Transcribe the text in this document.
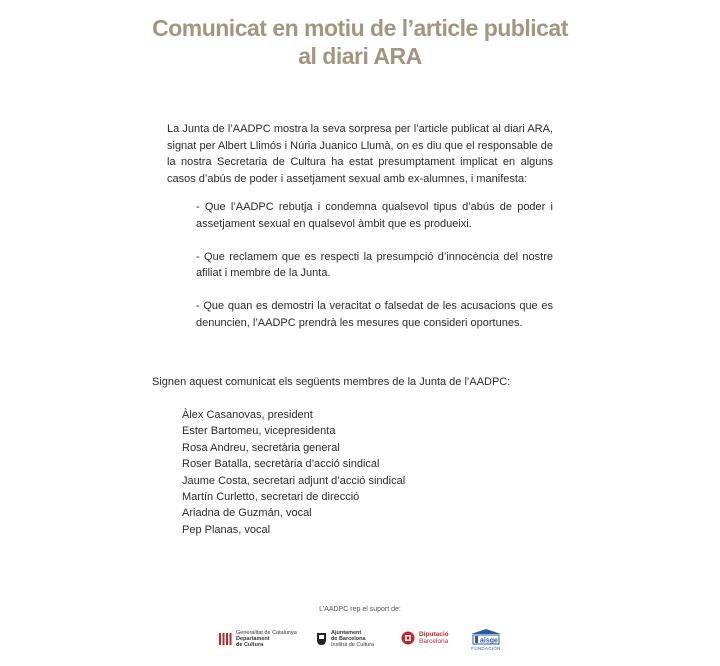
Comunicat en motiu de l’article publicat
al diari ARA
La Junta de l’AADPC mostra la seva sorpresa per l’article publicat al diari ARA, signat per Albert Llimós i Núria Juanico Llumà, on es diu que el responsable de la nostra Secretaria de Cultura ha estat presumptament implicat en alguns casos d’abús de poder i assetjament sexual amb ex-alumnes, i manifesta:

- Que l’AADPC rebutja i condemna qualsevol tipus d’abús de poder i assetjament sexual en qualsevol àmbit que es produeixi.

- Que reclamem que es respecti la presumpció d’innocència del nostre afiliat i membre de la Junta.

- Que quan es demostri la veracitat o falsedat de les acusacions que es denuncien, l’AADPC prendrà les mesures que consideri oportunes.

Signen aquest comunicat els següents membres de la Junta de l’AADPC:
Àlex Casanovas, president
Ester Bartomeu, vicepresidenta
Rosa Andreu, secretària general
Roser Batalla, secretària d’acció sindical
Jaume Costa, secretari adjunt d’acció sindical
Martín Curletto, secretari de direcció
Ariadna de Guzmán, vocal
Pep Planas, vocal
L’AADPC rep el suport de:
Generalitat de Catalunya
Departament
de Cultura
Ajuntament
de Barcelona
Institut de Cultura
Diputació
Barcelona	aisge
FUNDACIÓN
